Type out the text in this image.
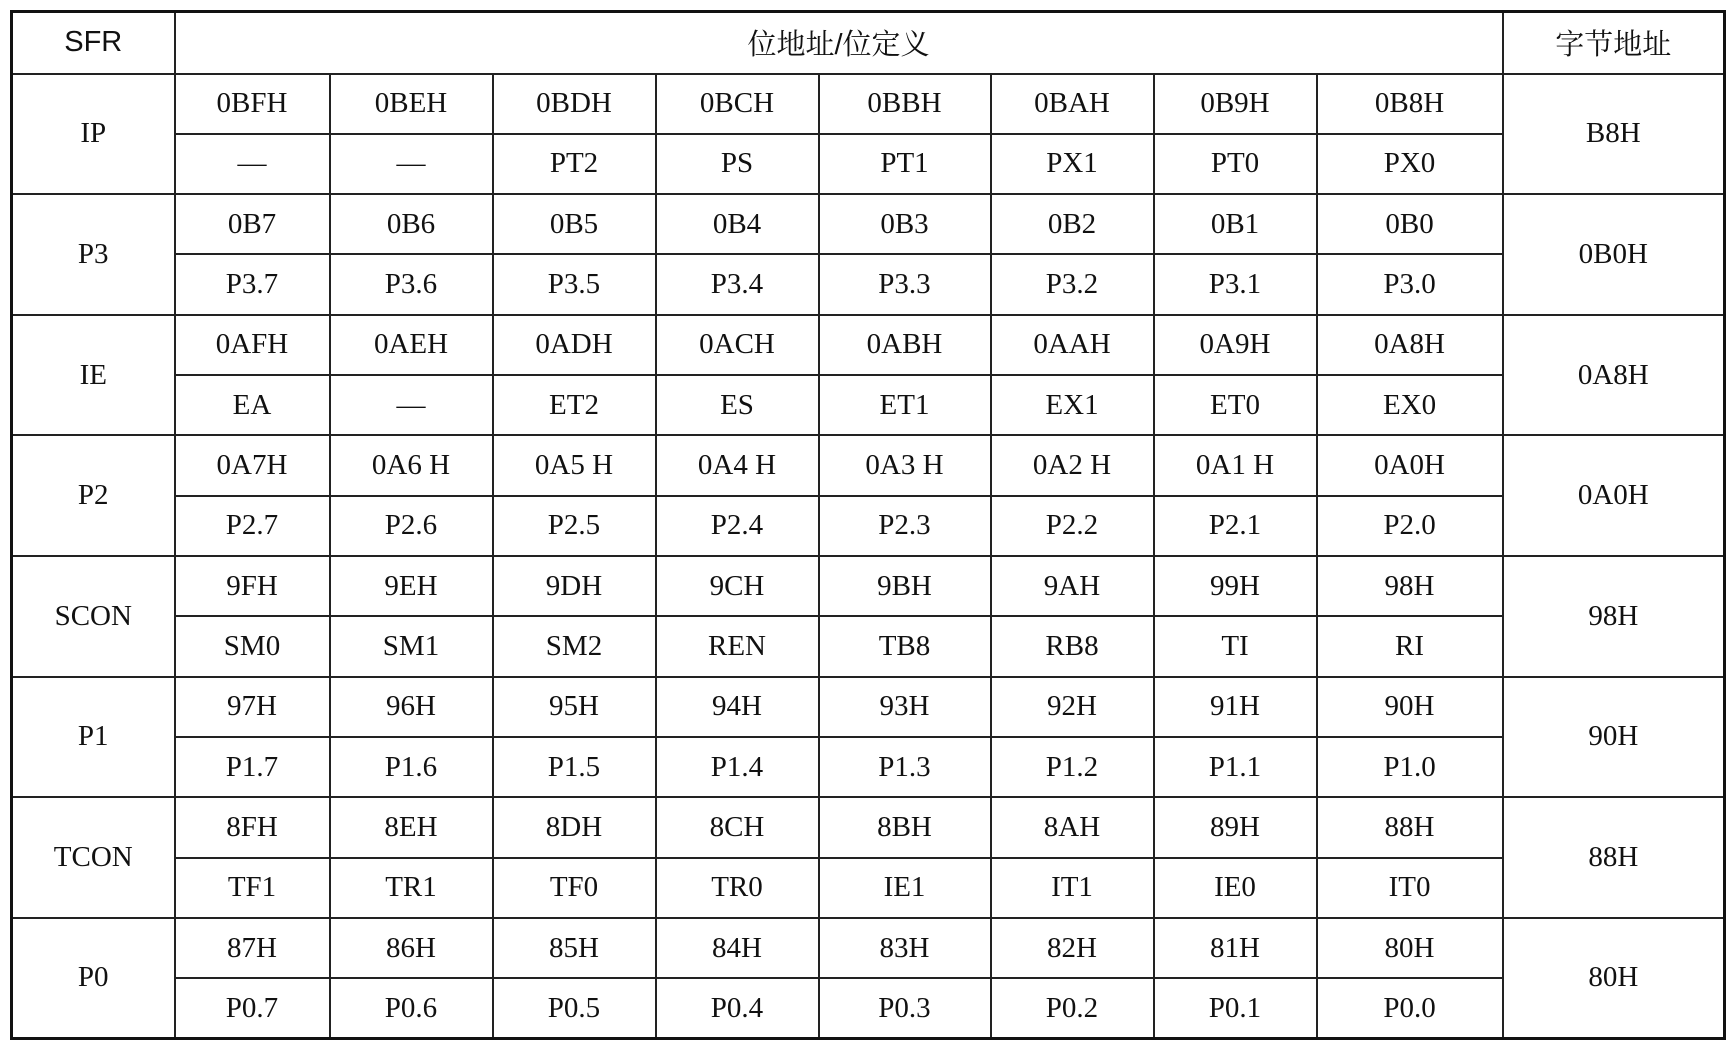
SFR	位地址/位定义								字节地址
IP	0BFH	0BEH	0BDH	0BCH	0BBH	0BAH	0B9H	0B8H	B8H
	—	—	PT2	PS	PT1	PX1	PT0	PX0	
P3	0B7	0B6	0B5	0B4	0B3	0B2	0B1	0B0	0B0H
	P3.7	P3.6	P3.5	P3.4	P3.3	P3.2	P3.1	P3.0	
IE	0AFH	0AEH	0ADH	0ACH	0ABH	0AAH	0A9H	0A8H	0A8H
	EA	—	ET2	ES	ET1	EX1	ET0	EX0	
P2	0A7H	0A6 H	0A5 H	0A4 H	0A3 H	0A2 H	0A1 H	0A0H	0A0H
	P2.7	P2.6	P2.5	P2.4	P2.3	P2.2	P2.1	P2.0	
SCON	9FH	9EH	9DH	9CH	9BH	9AH	99H	98H	98H
	SM0	SM1	SM2	REN	TB8	RB8	TI	RI	
P1	97H	96H	95H	94H	93H	92H	91H	90H	90H
	P1.7	P1.6	P1.5	P1.4	P1.3	P1.2	P1.1	P1.0	
TCON	8FH	8EH	8DH	8CH	8BH	8AH	89H	88H	88H
	TF1	TR1	TF0	TR0	IE1	IT1	IE0	IT0	
P0	87H	86H	85H	84H	83H	82H	81H	80H	80H
	P0.7	P0.6	P0.5	P0.4	P0.3	P0.2	P0.1	P0.0	
